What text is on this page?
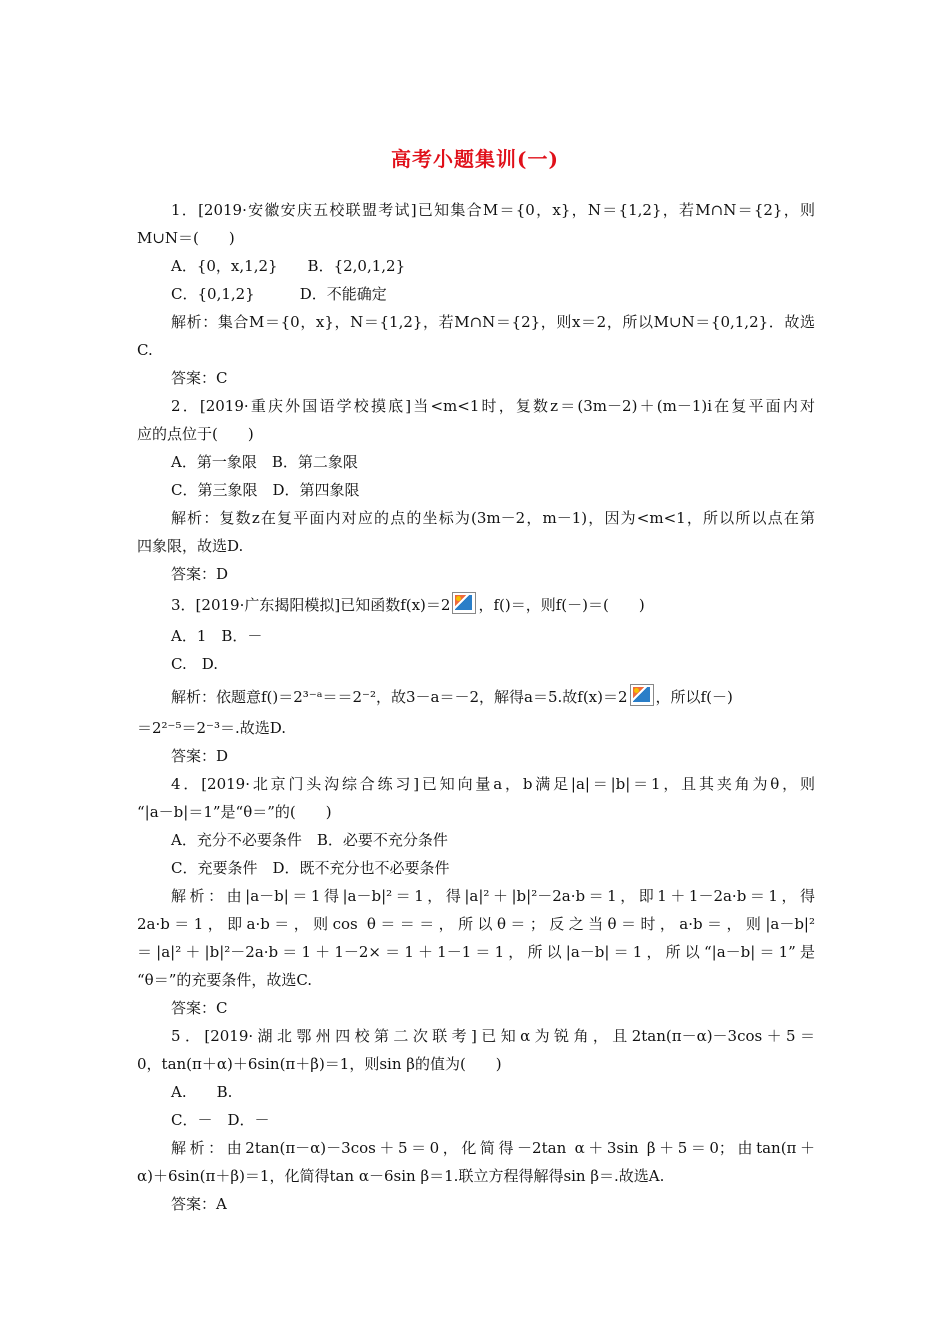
高考小题集训(一)
1．[2019·安徽安庆五校联盟考试]已知集合M＝{0，x}，N＝{1,2}，若M∩N＝{2}，则
M∪N＝(　　)
A．{0，x,1,2}　　B．{2,0,1,2}
C．{0,1,2}　　　D．不能确定
解析：集合M＝{0，x}，N＝{1,2}，若M∩N＝{2}，则x＝2，所以M∪N＝{0,1,2}．故选
C.
答案：C
2．[2019·重庆外国语学校摸底]当<m<1时，复数z＝(3m－2)＋(m－1)i在复平面内对
应的点位于(　　)
A．第一象限　B．第二象限
C．第三象限　D．第四象限
解析：复数z在复平面内对应的点的坐标为(3m－2，m－1)，因为<m<1，所以所以点在第
四象限，故选D.
答案：D
3．[2019·广东揭阳模拟]已知函数f(x)＝2 ，f()＝，则f(－)＝(　　)
A．1　B．－
C.　D.
解析：依题意f()＝2³⁻ᵃ＝＝2⁻²，故3－a＝－2，解得a＝5.故f(x)＝2 ，所以f(－)
＝2²⁻⁵＝2⁻³＝.故选D.
答案：D
4．[2019·北京门头沟综合练习]已知向量a，b满足|a|＝|b|＝1，且其夹角为θ，则
“|a－b|＝1”是“θ＝”的(　　)
A．充分不必要条件　B．必要不充分条件
C．充要条件　D．既不充分也不必要条件
解析：由|a－b|＝1得|a－b|²＝1，得|a|²＋|b|²－2a·b＝1，即1＋1－2a·b＝1，得
2a·b＝1，即a·b＝，则cos θ＝＝＝，所以θ＝；反之当θ＝时，a·b＝，则|a－b|²
＝|a|²＋|b|²－2a·b＝1＋1－2×＝1＋1－1＝1，所以|a－b|＝1，所以“|a－b|＝1”是
“θ＝”的充要条件，故选C.
答案：C
5．[2019·湖北鄂州四校第二次联考]已知α为锐角，且2tan(π－α)－3cos＋5＝
0，tan(π＋α)＋6sin(π＋β)＝1，则sin β的值为(　　)
A.　　B.
C．－　D．－
解析：由2tan(π－α)－3cos＋5＝0，化简得－2tan α＋3sin β＋5＝0；由tan(π＋
α)＋6sin(π＋β)＝1，化简得tan α－6sin β＝1.联立方程得解得sin β＝.故选A.
答案：A
